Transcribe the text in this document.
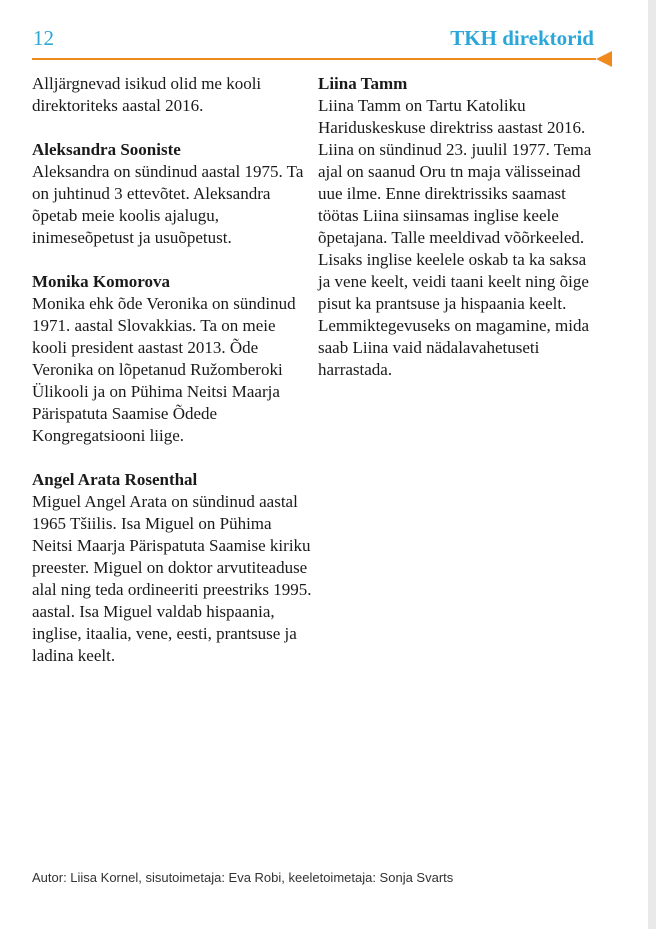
12	TKH direktorid

Alljärgnevad isikud olid me kooli direktoriteks aastal 2016.

Aleksandra Sooniste
Aleksandra on sündinud aastal 1975. Ta on juhtinud 3 ettevõtet. Aleksandra õpetab meie koolis ajalugu, inimeseõpetust ja usuõpetust.

Monika Komorova
Monika ehk õde Veronika on sündinud 1971. aastal Slovakkias. Ta on meie kooli president aastast 2013. Õde Veronika on lõpetanud Ružomberoki Ülikooli ja on Pühima Neitsi Maarja Pärispatuta Saamise Õdede Kongregatsiooni liige.

Angel Arata Rosenthal
Miguel Angel Arata on sündinud aastal 1965 Tšiilis. Isa Miguel on Pühima Neitsi Maarja Pärispatuta Saamise kiriku preester. Miguel on doktor arvutiteaduse alal ning teda ordineeriti preestriks 1995. aastal. Isa Miguel valdab hispaania, inglise, itaalia, vene, eesti, prantsuse ja ladina keelt.

Liina Tamm
Liina Tamm on Tartu Katoliku Hariduskeskuse direktriss aastast 2016. Liina on sündinud 23. juulil 1977. Tema ajal on saanud Oru tn maja välisseinad uue ilme. Enne direktrissiks saamast töötas Liina siinsamas inglise keele õpetajana. Talle meeldivad võõrkeeled. Lisaks inglise keelele oskab ta ka saksa ja vene keelt, veidi taani keelt ning õige pisut ka prantsuse ja hispaania keelt. Lemmiktegevuseks on magamine, mida saab Liina vaid nädalavahetuseti harrastada.

Autor: Liisa Kornel, sisutoimetaja: Eva Robi, keeletoimetaja: Sonja Svarts
